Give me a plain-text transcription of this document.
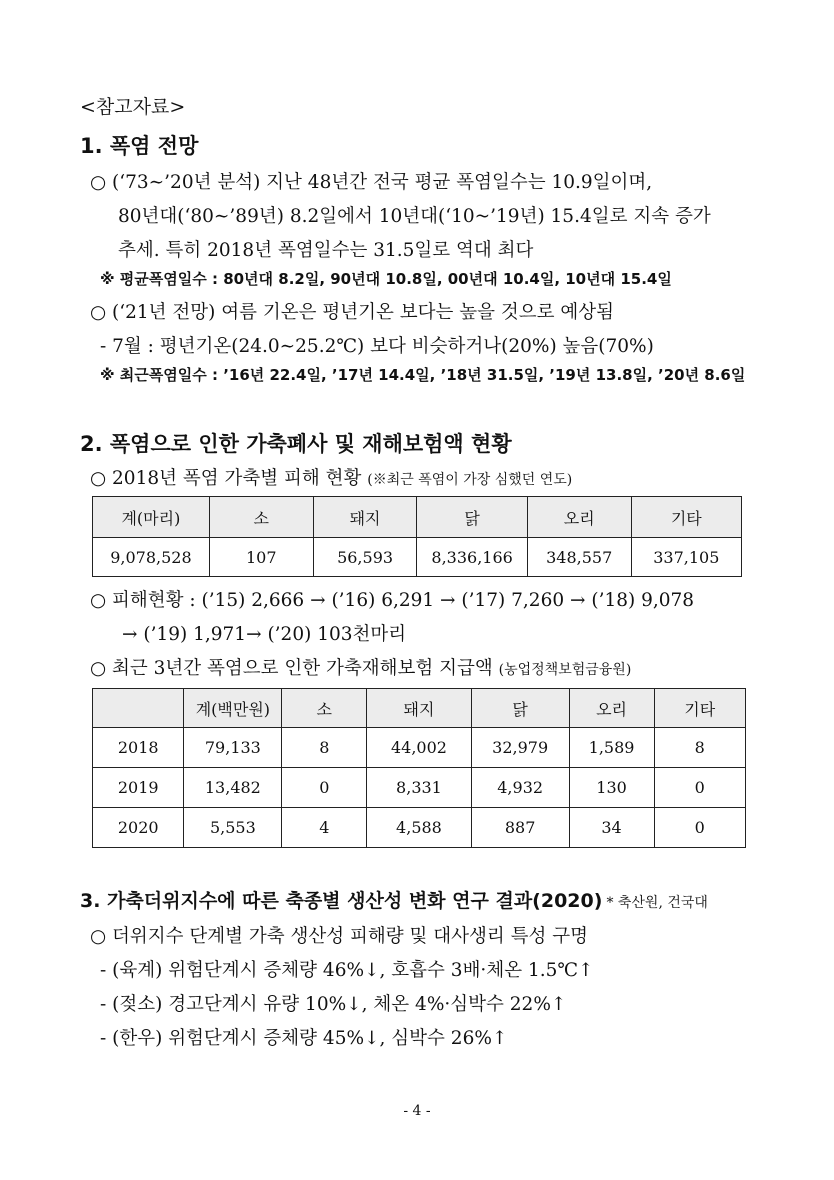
<참고자료>
1. 폭염 전망
○ (‘73∼’20년 분석) 지난 48년간 전국 평균 폭염일수는 10.9일이며,
80년대(‘80∼’89년) 8.2일에서 10년대(‘10~’19년) 15.4일로 지속 증가
추세. 특히 2018년 폭염일수는 31.5일로 역대 최다
※ 평균폭염일수 : 80년대 8.2일, 90년대 10.8일, 00년대 10.4일, 10년대 15.4일
○ (‘21년 전망) 여름 기온은 평년기온 보다는 높을 것으로 예상됨
- 7월 : 평년기온(24.0∼25.2℃) 보다 비슷하거나(20%) 높음(70%)
※ 최근폭염일수 : ’16년 22.4일, ’17년 14.4일, ’18년 31.5일, ’19년 13.8일, ’20년 8.6일
2. 폭염으로 인한 가축폐사 및 재해보험액 현황
○ 2018년 폭염 가축별 피해 현황 (※최근 폭염이 가장 심했던 연도)
계(마리)	소	돼지	닭	오리	기타
9,078,528	107	56,593	8,336,166	348,557	337,105
○ 피해현황 : (’15) 2,666 → (’16) 6,291 → (’17) 7,260 → (’18) 9,078
→ (’19) 1,971→ (’20) 103천마리
○ 최근 3년간 폭염으로 인한 가축재해보험 지급액 (농업정책보험금융원)
	계(백만원)	소	돼지	닭	오리	기타
2018	79,133	8	44,002	32,979	1,589	8
2019	13,482	0	8,331	4,932	130	0
2020	5,553	4	4,588	887	34	0
3. 가축더위지수에 따른 축종별 생산성 변화 연구 결과(2020) * 축산원, 건국대
○ 더위지수 단계별 가축 생산성 피해량 및 대사생리 특성 구명
- (육계) 위험단계시 증체량 46%↓, 호흡수 3배·체온 1.5℃↑
- (젖소) 경고단계시 유량 10%↓, 체온 4%·심박수 22%↑
- (한우) 위험단계시 증체량 45%↓, 심박수 26%↑
- 4 -
